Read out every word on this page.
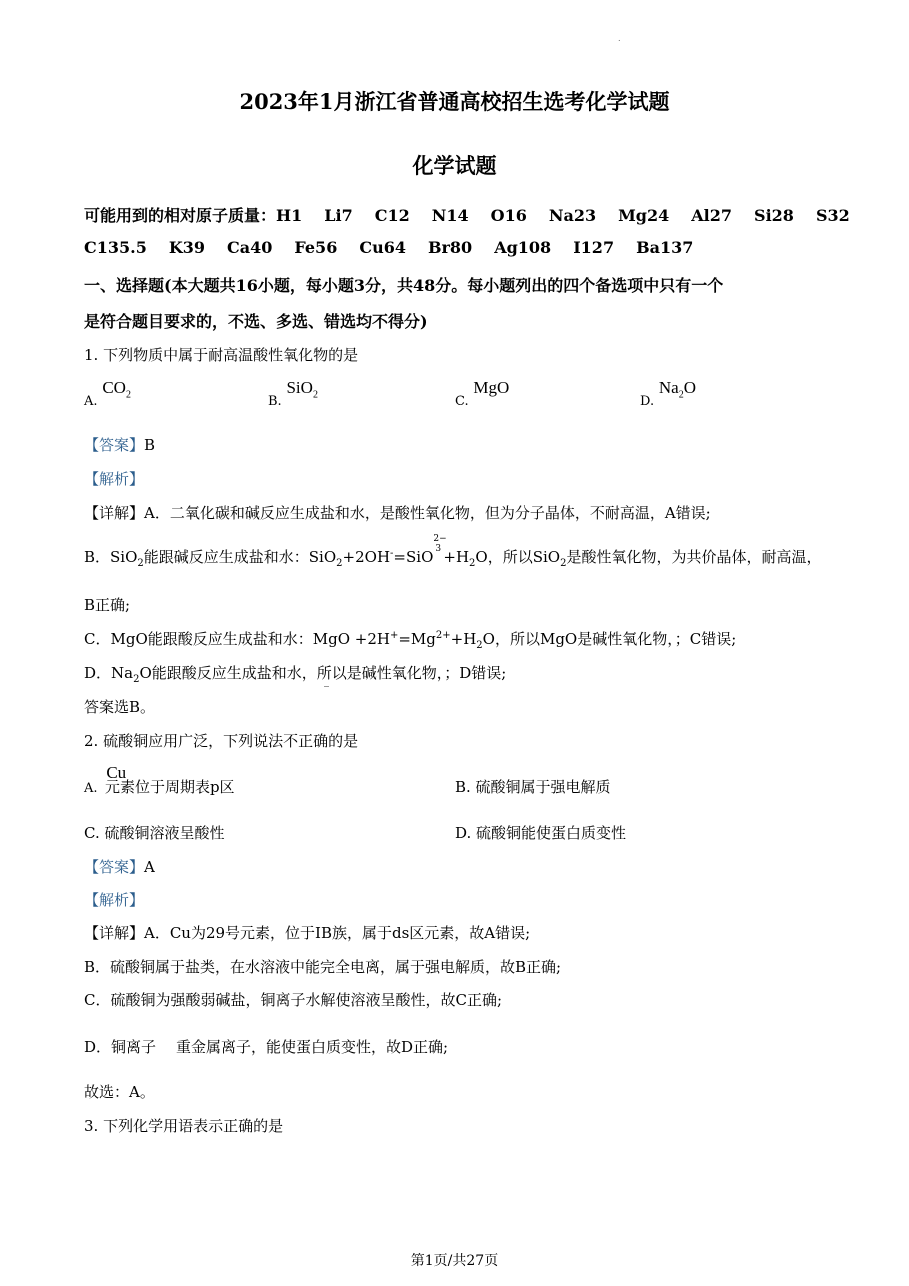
.
2023年1月浙江省普通高校招生选考化学试题
化学试题
可能用到的相对原子质量：H1 Li7 C12 N14 O16 Na23 Mg24 Al27 Si28 S32
C135.5 K39 Ca40 Fe56 Cu64 Br80 Ag108 I127 Ba137
一、选择题(本大题共16小题，每小题3分，共48分。每小题列出的四个备选项中只有一个
是符合题目要求的，不选、多选、错选均不得分)
1. 下列物质中属于耐高温酸性氧化物的是
A. $CO_2$	B. SiO$_2$	C. MgO
D. $Na_2O$
【答案】B
【解析】
【详解】A．二氧化碳和碱反应生成盐和水，是酸性氧化物，但为分子晶体，不耐高温，A错误;
B．SiO$_2$能跟碱反应生成盐和水：SiO$_2$+2OH-=SiO
2−
$3 +H_2O$，所以SiO$_2$是酸性氧化物，为共价晶体，耐高温，
B正确;
C．MgO能跟酸反应生成盐和水：MgO $+2H^+=Mg^{2+}+H_2O$，所以MgO是碱性氧化物，；C错误;
D．$Na_2O$能跟酸反应生成盐和水，所以是碱性氧化物，；D错误;
答案选B。
2. 硫酸铜应用广泛，下列说法不正确的是
A. Cu 元素位于周期表p区	B. 硫酸铜属于强电解质
C. 硫酸铜溶液呈酸性	D. 硫酸铜能使蛋白质变性
【答案】A
【解析】
【详解】A．Cu为29号元素，位于IB族，属于ds区元素，故A错误;
B．硫酸铜属于盐类，在水溶液中能完全电离，属于强电解质，故B正确;
C．硫酸铜为强酸弱碱盐，铜离子水解使溶液呈酸性，故C正确;
D．铜离子 重金属离子，能使蛋白质变性，故D正确;
故选：A。
3. 下列化学用语表示正确的是
第1页/共27页
